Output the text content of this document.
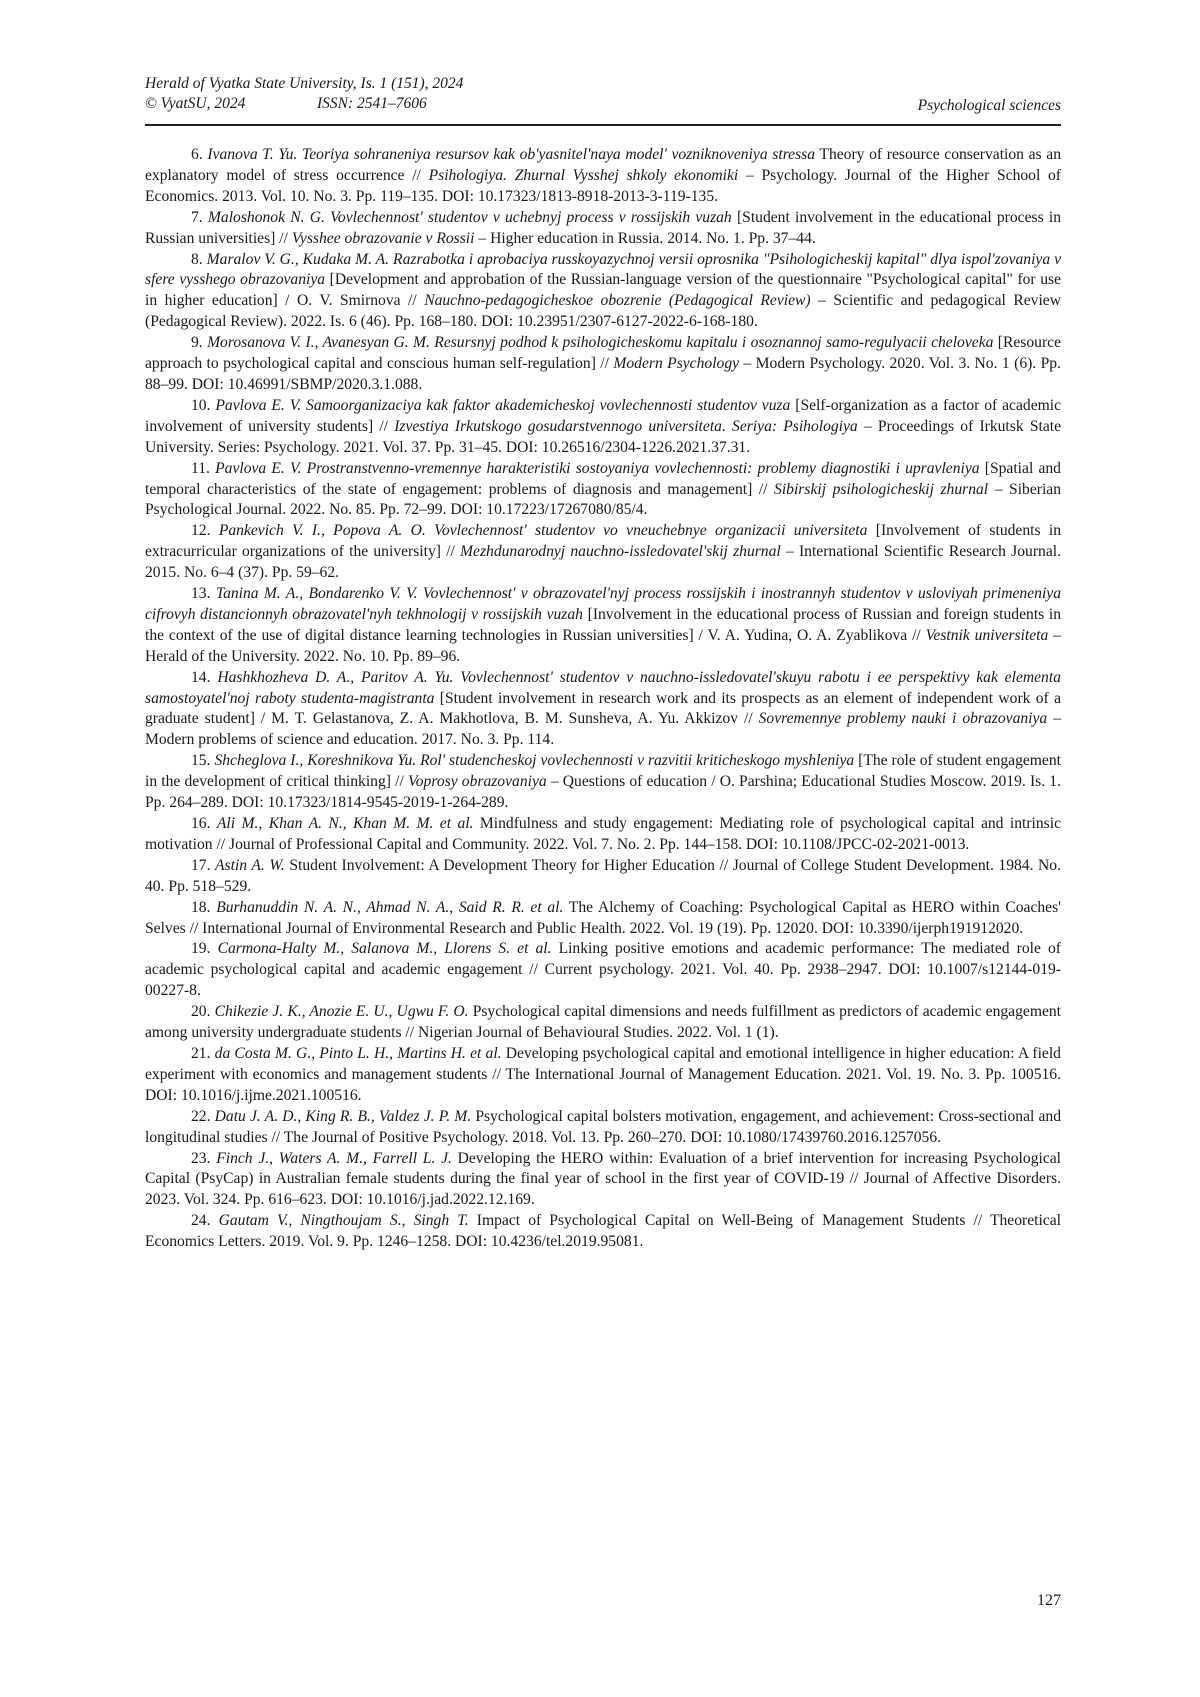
Herald of Vyatka State University, Is. 1 (151), 2024
© VyatSU, 2024	ISSN: 2541–7606	Psychological sciences

6. Ivanova T. Yu. Teoriya sohraneniya resursov kak ob'yasnitel'naya model' vozniknoveniya stressa Theory of resource conservation as an explanatory model of stress occurrence // Psihologiya. Zhurnal Vysshej shkoly ekonomiki – Psychology. Journal of the Higher School of Economics. 2013. Vol. 10. No. 3. Pp. 119–135. DOI: 10.17323/1813-8918-2013-3-119-135.

7. Maloshonok N. G. Vovlechennost' studentov v uchebnyj process v rossijskih vuzah [Student involvement in the educational process in Russian universities] // Vysshee obrazovanie v Rossii – Higher education in Russia. 2014. No. 1. Pp. 37–44.

8. Maralov V. G., Kudaka M. A. Razrabotka i aprobaciya russkoyazychnoj versii oprosnika "Psihologicheskij kapital" dlya ispol'zovaniya v sfere vysshego obrazovaniya [Development and approbation of the Russian-language version of the questionnaire "Psychological capital" for use in higher education] / O. V. Smirnova // Nauchno-pedagogicheskoe obozrenie (Pedagogical Review) – Scientific and pedagogical Review (Pedagogical Review). 2022. Is. 6 (46). Pp. 168–180. DOI: 10.23951/2307-6127-2022-6-168-180.

9. Morosanova V. I., Avanesyan G. M. Resursnyj podhod k psihologicheskomu kapitalu i osoznannoj samo-regulyacii cheloveka [Resource approach to psychological capital and conscious human self-regulation] // Modern Psychology – Modern Psychology. 2020. Vol. 3. No. 1 (6). Pp. 88–99. DOI: 10.46991/SBMP/2020.3.1.088.

10. Pavlova E. V. Samoorganizaciya kak faktor akademicheskoj vovlechennosti studentov vuza [Self-organization as a factor of academic involvement of university students] // Izvestiya Irkutskogo gosudarstvennogo universiteta. Seriya: Psihologiya – Proceedings of Irkutsk State University. Series: Psychology. 2021. Vol. 37. Pp. 31–45. DOI: 10.26516/2304-1226.2021.37.31.

11. Pavlova E. V. Prostranstvenno-vremennye harakteristiki sostoyaniya vovlechennosti: problemy diagnostiki i upravleniya [Spatial and temporal characteristics of the state of engagement: problems of diagnosis and management] // Sibirskij psihologicheskij zhurnal – Siberian Psychological Journal. 2022. No. 85. Pp. 72–99. DOI: 10.17223/17267080/85/4.

12. Pankevich V. I., Popova A. O. Vovlechennost' studentov vo vneuchebnye organizacii universiteta [Involvement of students in extracurricular organizations of the university] // Mezhdunarodnyj nauchno-issledovatel'skij zhurnal – International Scientific Research Journal. 2015. No. 6–4 (37). Pp. 59–62.

13. Tanina M. A., Bondarenko V. V. Vovlechennost' v obrazovatel'nyj process rossijskih i inostrannyh studentov v usloviyah primeneniya cifrovyh distancionnyh obrazovatel'nyh tekhnologij v rossijskih vuzah [Involvement in the educational process of Russian and foreign students in the context of the use of digital distance learning technologies in Russian universities] / V. A. Yudina, O. A. Zyablikova // Vestnik universiteta – Herald of the University. 2022. No. 10. Pp. 89–96.

14. Hashkhozheva D. A., Paritov A. Yu. Vovlechennost' studentov v nauchno-issledovatel'skuyu rabotu i ee perspektivy kak elementa samostoyatel'noj raboty studenta-magistranta [Student involvement in research work and its prospects as an element of independent work of a graduate student] / M. T. Gelastanova, Z. A. Makhotlova, B. M. Sunsheva, A. Yu. Akkizov // Sovremennye problemy nauki i obrazovaniya – Modern problems of science and education. 2017. No. 3. Pp. 114.

15. Shcheglova I., Koreshnikova Yu. Rol' studencheskoj vovlechennosti v razvitii kriticheskogo myshleniya [The role of student engagement in the development of critical thinking] // Voprosy obrazovaniya – Questions of education / O. Parshina; Educational Studies Moscow. 2019. Is. 1. Pp. 264–289. DOI: 10.17323/1814-9545-2019-1-264-289.

16. Ali M., Khan A. N., Khan M. M. et al. Mindfulness and study engagement: Mediating role of psychological capital and intrinsic motivation // Journal of Professional Capital and Community. 2022. Vol. 7. No. 2. Pp. 144–158. DOI: 10.1108/JPCC-02-2021-0013.

17. Astin A. W. Student Involvement: A Development Theory for Higher Education // Journal of College Student Development. 1984. No. 40. Pp. 518–529.

18. Burhanuddin N. A. N., Ahmad N. A., Said R. R. et al. The Alchemy of Coaching: Psychological Capital as HERO within Coaches' Selves // International Journal of Environmental Research and Public Health. 2022. Vol. 19 (19). Pp. 12020. DOI: 10.3390/ijerph191912020.

19. Carmona-Halty M., Salanova M., Llorens S. et al. Linking positive emotions and academic performance: The mediated role of academic psychological capital and academic engagement // Current psychology. 2021. Vol. 40. Pp. 2938–2947. DOI: 10.1007/s12144-019-00227-8.

20. Chikezie J. K., Anozie E. U., Ugwu F. O. Psychological capital dimensions and needs fulfillment as predictors of academic engagement among university undergraduate students // Nigerian Journal of Behavioural Studies. 2022. Vol. 1 (1).

21. da Costa M. G., Pinto L. H., Martins H. et al. Developing psychological capital and emotional intelligence in higher education: A field experiment with economics and management students // The International Journal of Management Education. 2021. Vol. 19. No. 3. Pp. 100516. DOI: 10.1016/j.ijme.2021.100516.

22. Datu J. A. D., King R. B., Valdez J. P. M. Psychological capital bolsters motivation, engagement, and achievement: Cross-sectional and longitudinal studies // The Journal of Positive Psychology. 2018. Vol. 13. Pp. 260–270. DOI: 10.1080/17439760.2016.1257056.

23. Finch J., Waters A. M., Farrell L. J. Developing the HERO within: Evaluation of a brief intervention for increasing Psychological Capital (PsyCap) in Australian female students during the final year of school in the first year of COVID-19 // Journal of Affective Disorders. 2023. Vol. 324. Pp. 616–623. DOI: 10.1016/j.jad.2022.12.169.

24. Gautam V., Ningthoujam S., Singh T. Impact of Psychological Capital on Well-Being of Management Students // Theoretical Economics Letters. 2019. Vol. 9. Pp. 1246–1258. DOI: 10.4236/tel.2019.95081.

127
